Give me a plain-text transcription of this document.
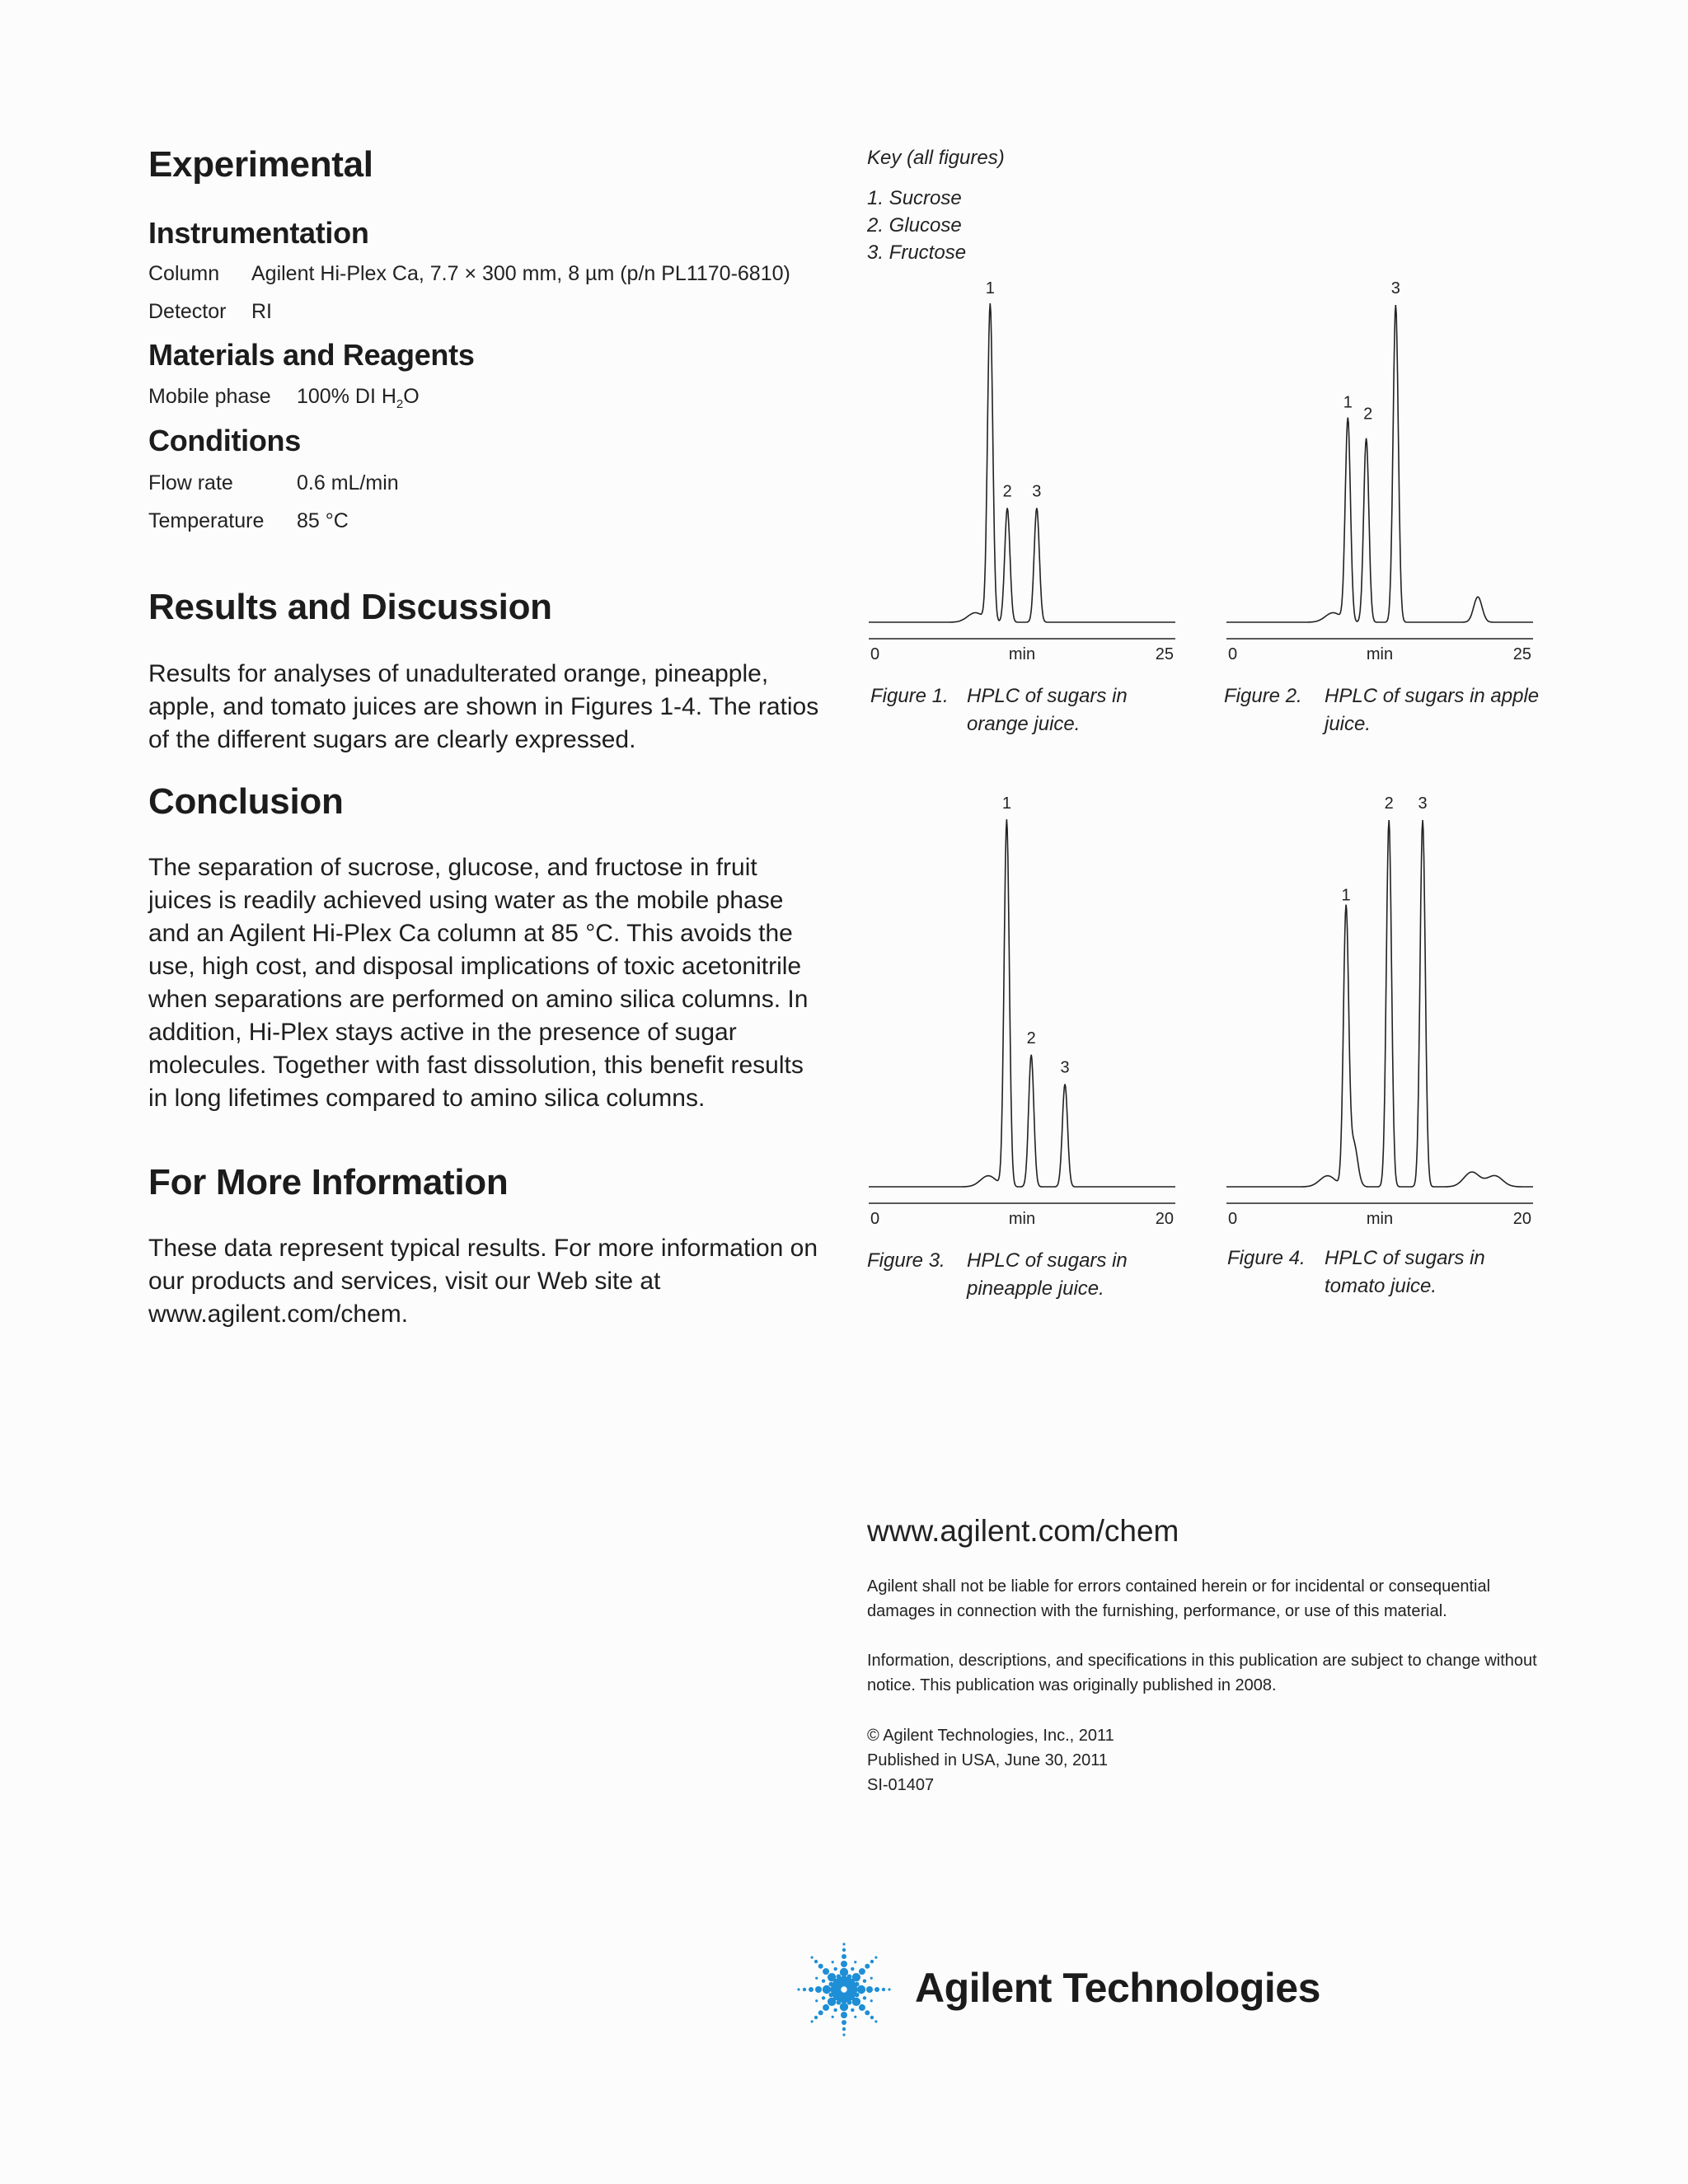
Experimental
Instrumentation
Column Agilent Hi-Plex Ca, 7.7 × 300 mm, 8 µm (p/n PL1170-6810)
Detector RI
Materials and Reagents
Mobile phase 100% DI $H_2O$
Conditions
Flow rate	0.6 mL/min
Temperature 85 °C
Results and Discussion

Results for analyses of unadulterated orange, pineapple, apple, and tomato juices are shown in Figures 1-4. The ratios of the different sugars are clearly expressed.

Conclusion

The separation of sucrose, glucose, and fructose in fruit juices is readily achieved using water as the mobile phase and an Agilent Hi-Plex Ca column at 85 °C. This avoids the use, high cost, and disposal implications of toxic acetonitrile when separations are performed on amino silica columns. In addition, Hi-Plex stays active in the presence of sugar molecules. Together with fast dissolution, this benefit results in long lifetimes compared to amino silica columns.

For More Information

These data represent typical results. For more information on our products and services, visit our Web site at www.agilent.com/chem.

Key (all figures)
1. Sucrose
2. Glucose
3. Fructose
0	25
min
1
2 3
0	25
min
1
2
3
0	20
min
1
2
3
0	20
min
1
2 3
Figure 1. HPLC of sugars in
orange juice.
Figure 2. HPLC of sugars in apple
juice.
Figure 3. HPLC of sugars in
pineapple juice.
Figure 4. HPLC of sugars in
tomato juice.
www.agilent.com/chem

Agilent shall not be liable for errors contained herein or for incidental or consequential damages in connection with the furnishing, performance, or use of this material.

Information, descriptions, and specifications in this publication are subject to change without notice. This publication was originally published in 2008.

© Agilent Technologies, Inc., 2011
Published in USA, June 30, 2011
SI-01407
Agilent Technologies
